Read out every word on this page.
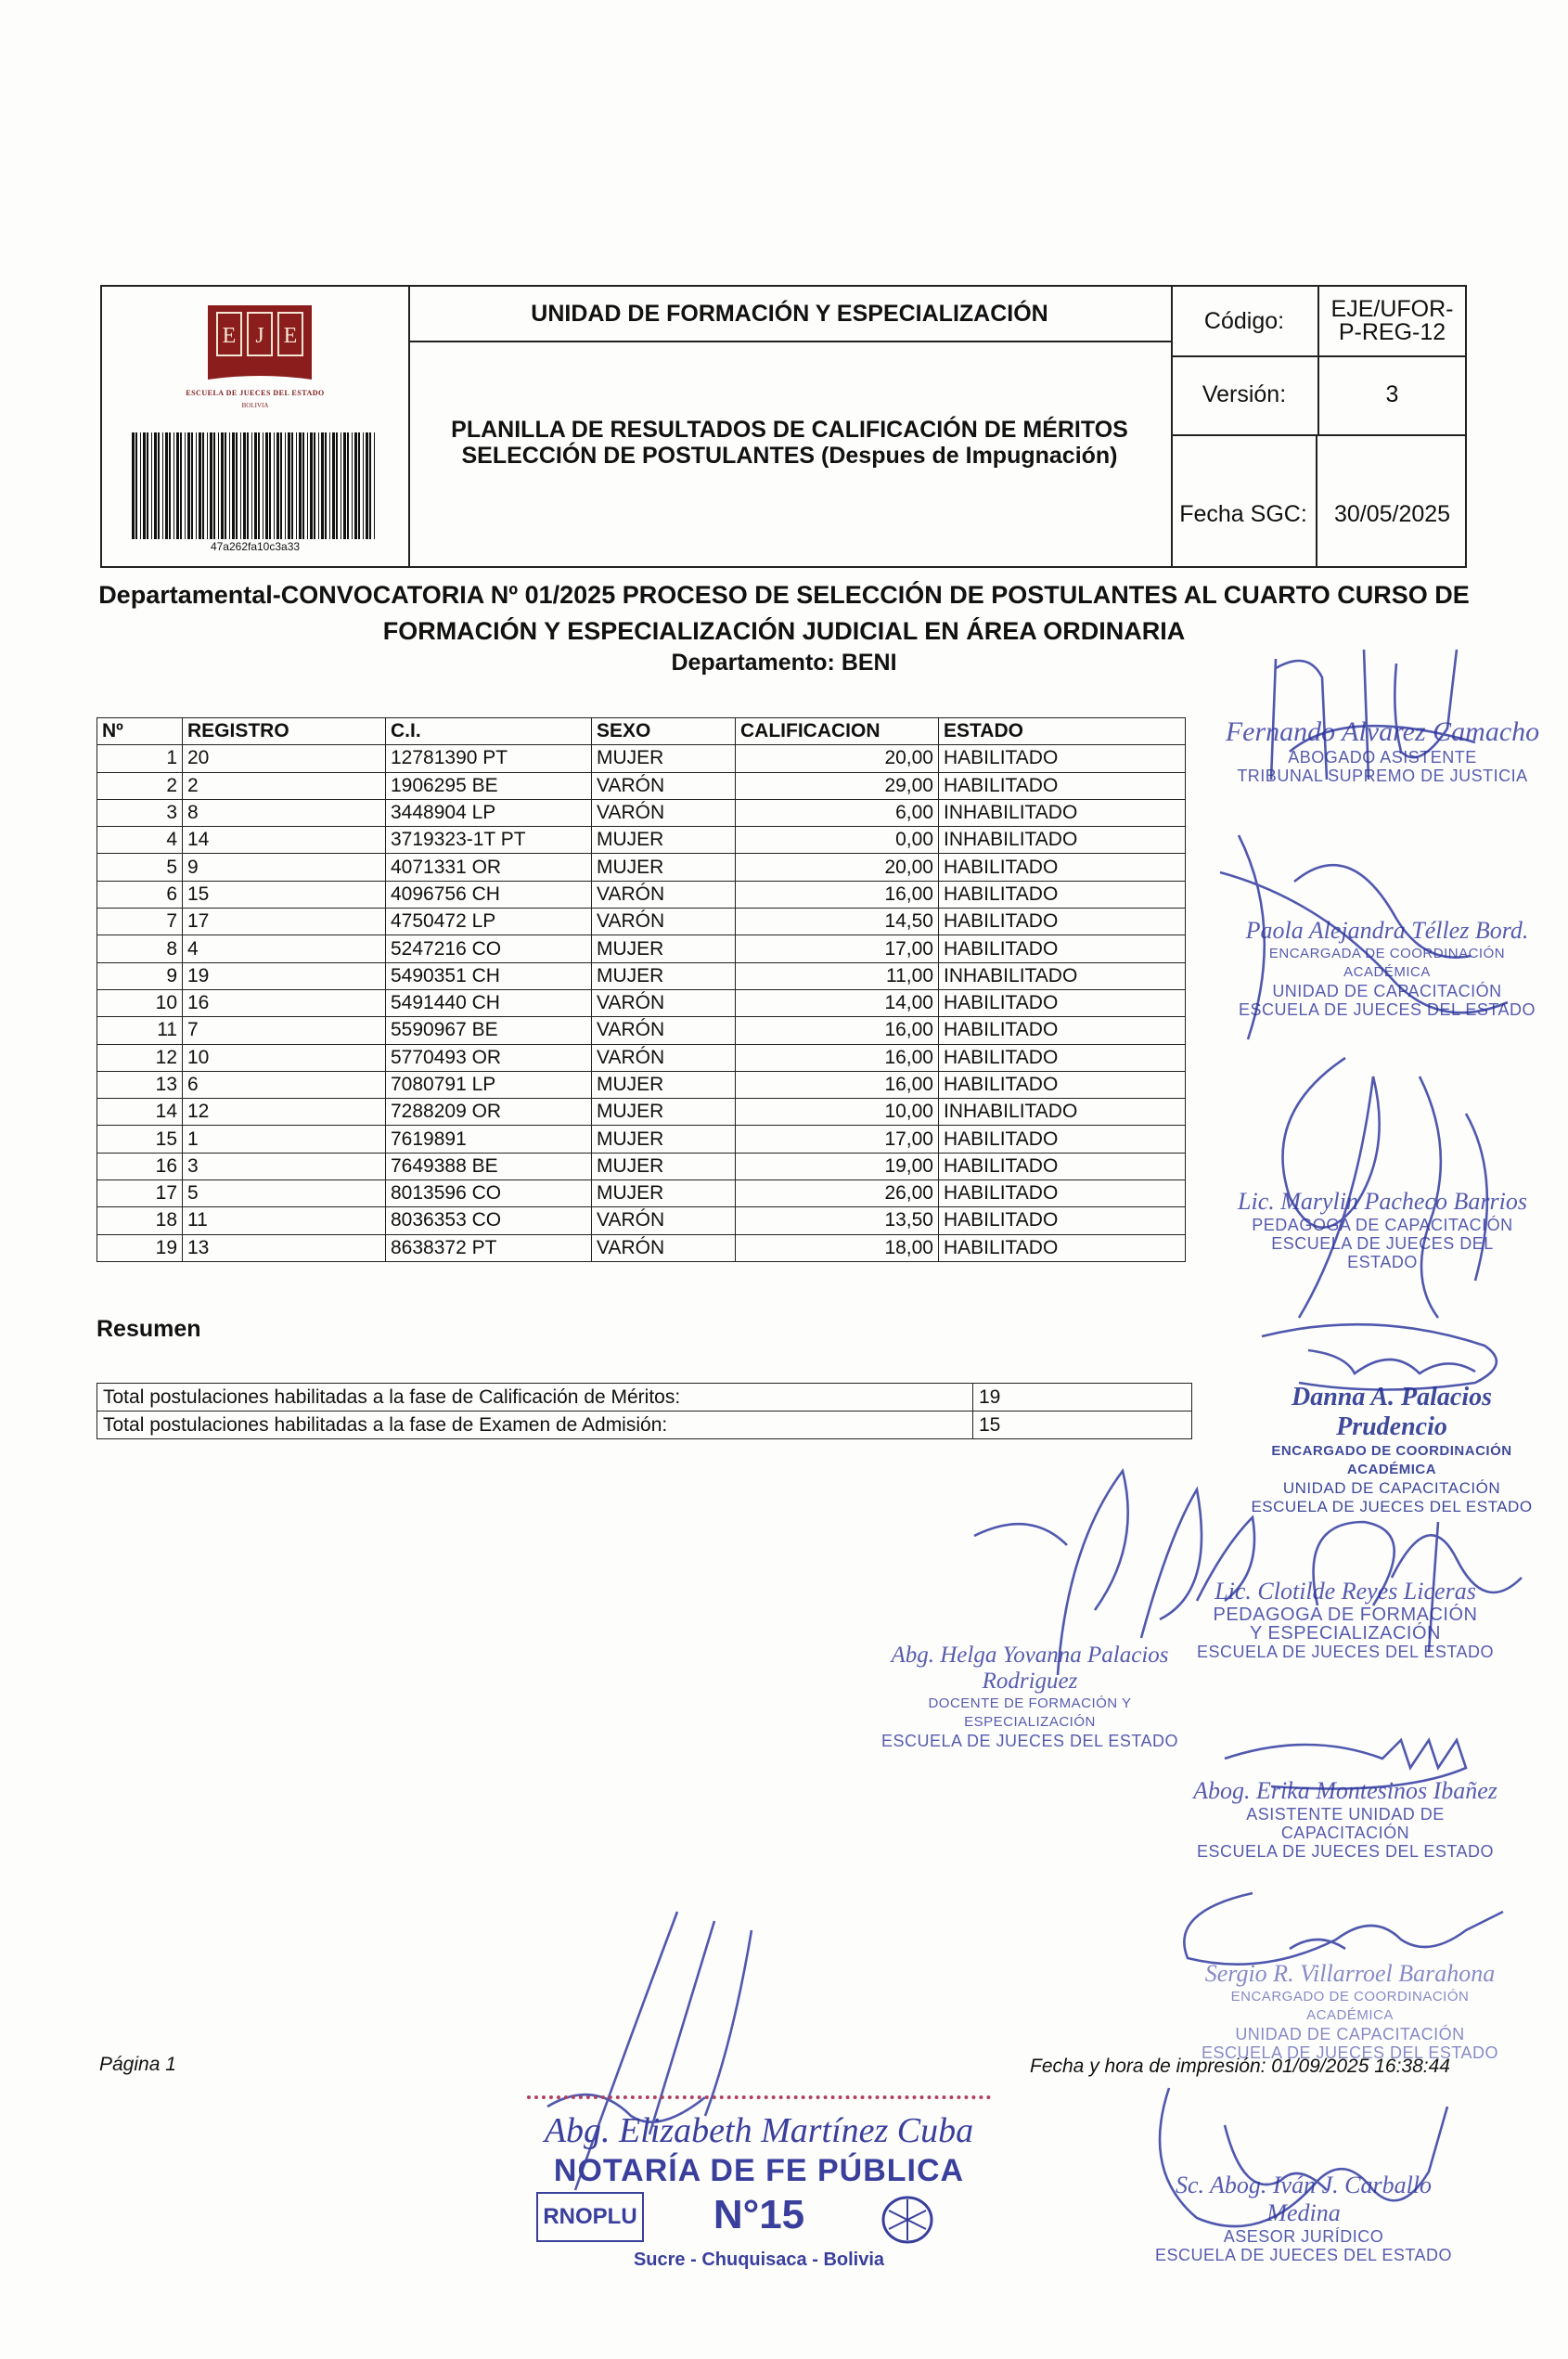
E J E
ESCUELA DE JUECES DEL ESTADO
BOLIVIA
47a262fa10c3a33
UNIDAD DE FORMACIÓN Y ESPECIALIZACIÓN
PLANILLA DE RESULTADOS DE CALIFICACIÓN DE MÉRITOS
SELECCIÓN DE POSTULANTES (Despues de Impugnación)
Código:	EJE/UFOR-P-REG-12
Versión:	3
Fecha SGC:	30/05/2025
Departamental-CONVOCATORIA Nº 01/2025 PROCESO DE SELECCIÓN DE POSTULANTES AL CUARTO CURSO DE FORMACIÓN Y ESPECIALIZACIÓN JUDICIAL EN ÁREA ORDINARIA
Departamento: BENI
Nº	REGISTRO	C.I.	SEXO	CALIFICACION	ESTADO
1	20	12781390 PT	MUJER	20,00	HABILITADO
2	2	1906295 BE	VARÓN	29,00	HABILITADO
3	8	3448904 LP	VARÓN	6,00	INHABILITADO
4	14	3719323-1T PT	MUJER	0,00	INHABILITADO
5	9	4071331 OR	MUJER	20,00	HABILITADO
6	15	4096756 CH	VARÓN	16,00	HABILITADO
7	17	4750472 LP	VARÓN	14,50	HABILITADO
8	4	5247216 CO	MUJER	17,00	HABILITADO
9	19	5490351 CH	MUJER	11,00	INHABILITADO
10	16	5491440 CH	VARÓN	14,00	HABILITADO
11	7	5590967 BE	VARÓN	16,00	HABILITADO
12	10	5770493 OR	VARÓN	16,00	HABILITADO
13	6	7080791 LP	MUJER	16,00	HABILITADO
14	12	7288209 OR	MUJER	10,00	INHABILITADO
15	1	7619891	MUJER	17,00	HABILITADO
16	3	7649388 BE	MUJER	19,00	HABILITADO
17	5	8013596 CO	MUJER	26,00	HABILITADO
18	11	8036353 CO	VARÓN	13,50	HABILITADO
19	13	8638372 PT	VARÓN	18,00	HABILITADO
Resumen
Total postulaciones habilitadas a la fase de Calificación de Méritos:	19
Total postulaciones habilitadas a la fase de Examen de Admisión:	15
Página 1	Fecha y hora de impresión: 01/09/2025 16:38:44
Fernando Alvarez Camacho
ABOGADO ASISTENTE
TRIBUNAL SUPREMO DE JUSTICIA
Paola Alejandra Téllez Bord.
ENCARGADA DE COORDINACIÓN ACADÉMICA
UNIDAD DE CAPACITACIÓN
ESCUELA DE JUECES DEL ESTADO
Lic. Marylin Pacheco Barrios
PEDAGOGA DE CAPACITACIÓN
ESCUELA DE JUECES DEL ESTADO
Danna A. Palacios Prudencio
ENCARGADO DE COORDINACIÓN ACADÉMICA
UNIDAD DE CAPACITACIÓN
ESCUELA DE JUECES DEL ESTADO
Abg. Helga Yovanna Palacios Rodriguez
DOCENTE DE FORMACIÓN Y ESPECIALIZACIÓN
ESCUELA DE JUECES DEL ESTADO
Lic. Clotilde Reyes Liceras
PEDAGOGA DE FORMACIÓN
Y ESPECIALIZACIÓN
ESCUELA DE JUECES DEL ESTADO
Abog. Erika Montesinos Ibañez
ASISTENTE UNIDAD DE CAPACITACIÓN
ESCUELA DE JUECES DEL ESTADO
Sergio R. Villarroel Barahona
ENCARGADO DE COORDINACIÓN ACADÉMICA
UNIDAD DE CAPACITACIÓN
ESCUELA DE JUECES DEL ESTADO
Sc. Abog. Iván J. Carballo Medina
ASESOR JURÍDICO
ESCUELA DE JUECES DEL ESTADO
Abg. Elizabeth Martínez Cuba
NOTARÍA DE FE PÚBLICA
RNOPLU	N°15
Sucre - Chuquisaca - Bolivia
